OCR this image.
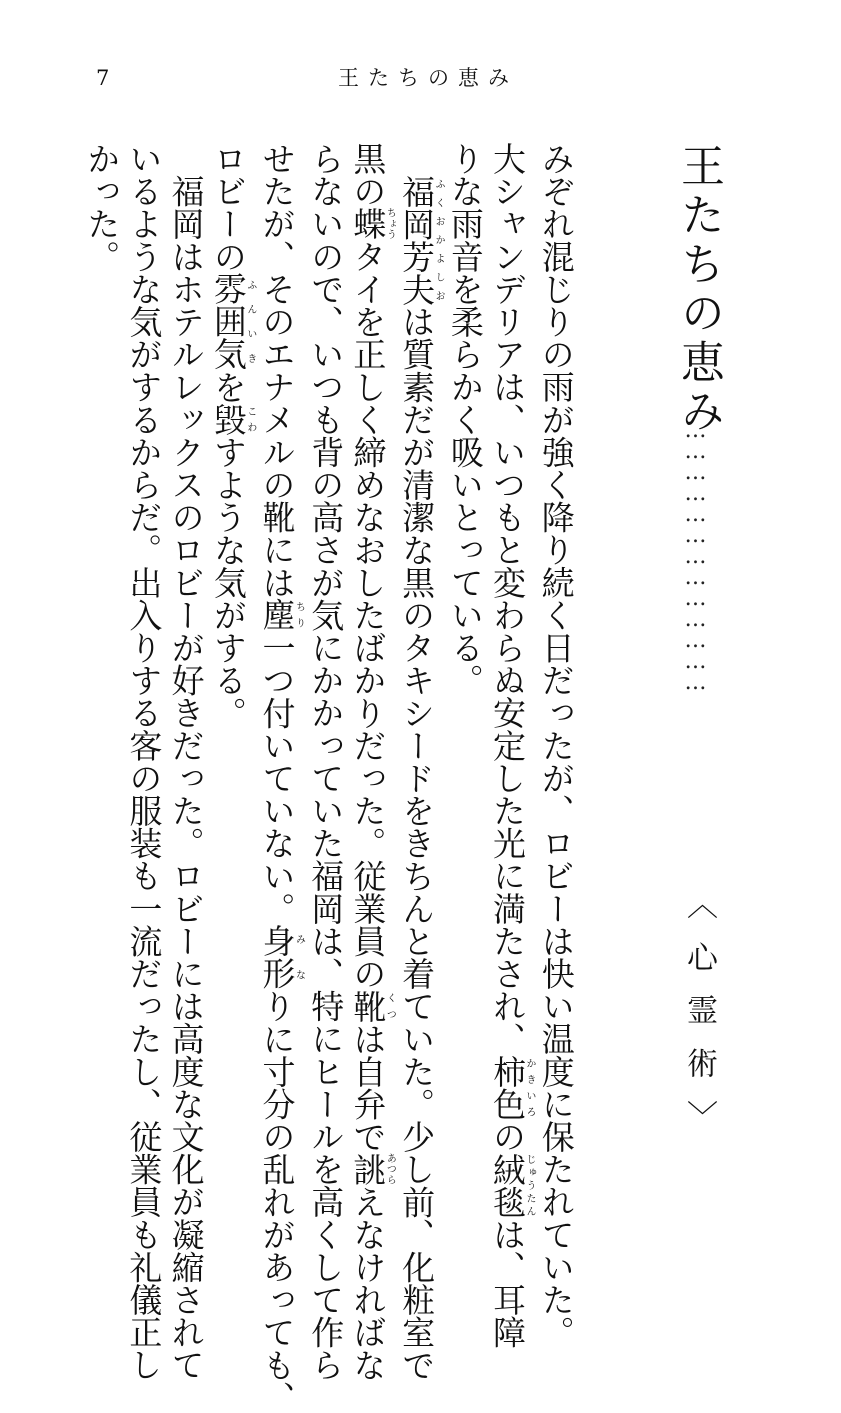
7	王たちの恵み
王たちの恵み
…………………………………
〈心霊術〉
みぞれ混じりの雨が強く降り続く日だったが、ロビーは快い温度に保たれていた。
大シャンデリアは、いつもと変わらぬ安定した光に満たされ、柿色かきいろの絨毯じゅうたんは、耳障
りな雨音を柔らかく吸いとっている。
　福岡芳夫ふくおかよしおは質素だが清潔な黒のタキシードをきちんと着ていた。少し前、化粧室で
黒の蝶ちょうタイを正しく締めなおしたばかりだった。従業員の靴くつは自弁で誂あつらえなければな
らないので、いつも背の高さが気にかかっていた福岡は、特にヒールを高くして作ら
せたが、そのエナメルの靴には塵ちり一つ付いていない。身形みなりに寸分の乱れがあっても、
ロビーの雰囲気ふんいきを毀こわすような気がする。
　福岡はホテルレックスのロビーが好きだった。ロビーには高度な文化が凝縮されて
いるような気がするからだ。出入りする客の服装も一流だったし、従業員も礼儀正し
かった。
